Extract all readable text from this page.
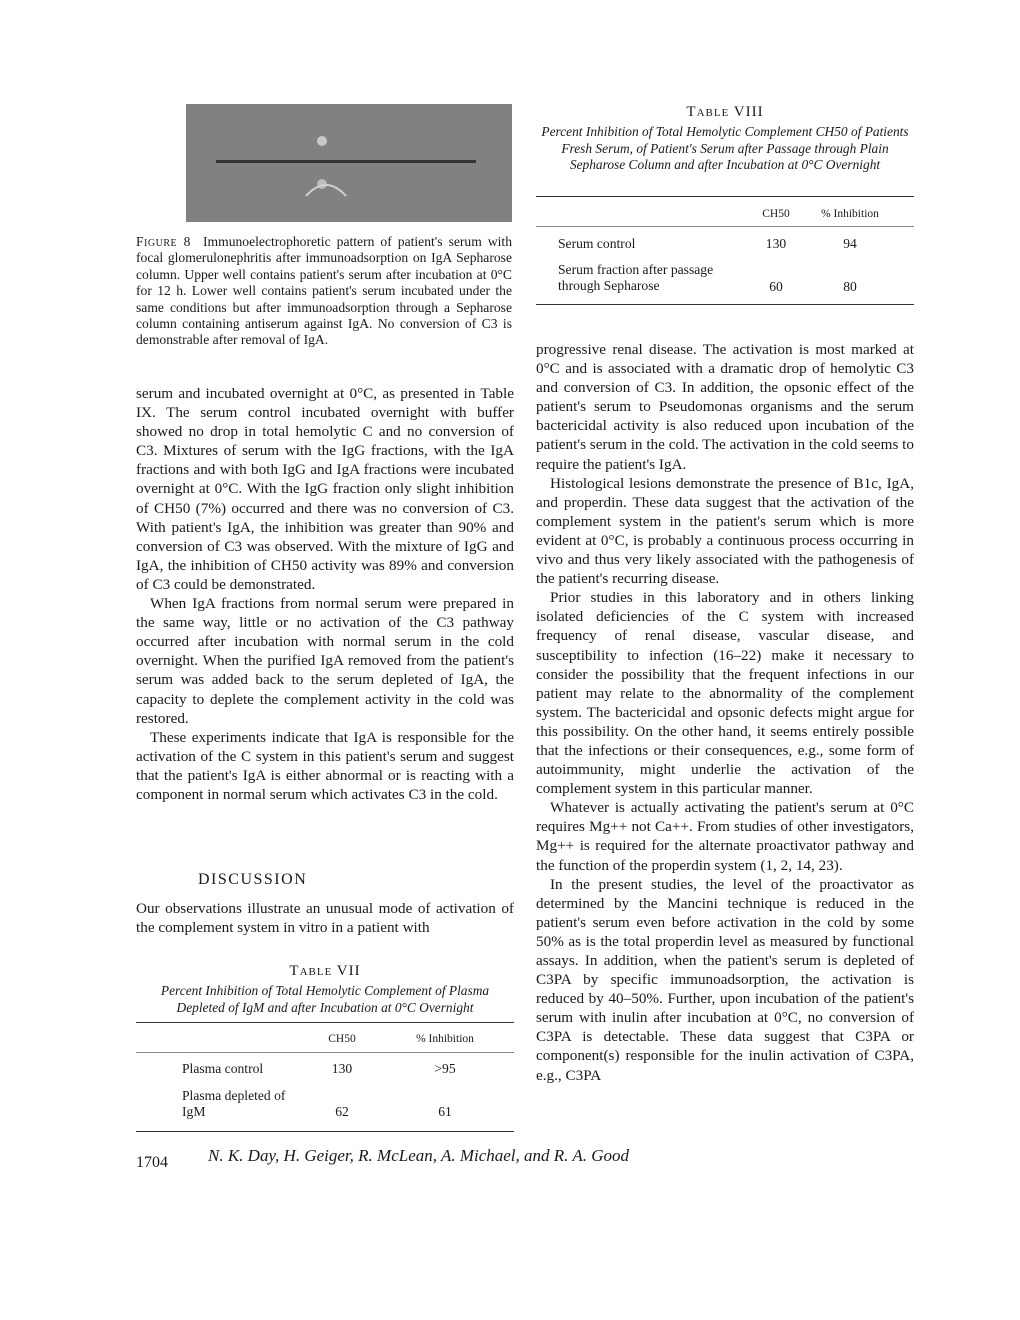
Figure 8 Immunoelectrophoretic pattern of patient's serum with focal glomerulonephritis after immunoadsorption on IgA Sepharose column. Upper well contains patient's serum after incubation at 0°C for 12 h. Lower well contains patient's serum incubated under the same conditions but after immunoadsorption through a Sepharose column containing antiserum against IgA. No conversion of C3 is demonstrable after removal of IgA.
Table VIII
Percent Inhibition of Total Hemolytic Complement CH50 of Patients Fresh Serum, of Patient's Serum after Passage through Plain Sepharose Column and after Incubation at 0°C Overnight
CH50	% Inhibition
Serum control	130	94
Serum fraction after passage through Sepharose	60	80

serum and incubated overnight at 0°C, as presented in Table IX. The serum control incubated overnight with buffer showed no drop in total hemolytic C and no conversion of C3. Mixtures of serum with the IgG fractions, with the IgA fractions and with both IgG and IgA fractions were incubated overnight at 0°C. With the IgG fraction only slight inhibition of CH50 (7%) occurred and there was no conversion of C3. With patient's IgA, the inhibition was greater than 90% and conversion of C3 was observed. With the mixture of IgG and IgA, the inhibition of CH50 activity was 89% and conversion of C3 could be demonstrated.

When IgA fractions from normal serum were prepared in the same way, little or no activation of the C3 pathway occurred after incubation with normal serum in the cold overnight. When the purified IgA removed from the patient's serum was added back to the serum depleted of IgA, the capacity to deplete the complement activity in the cold was restored.

These experiments indicate that IgA is responsible for the activation of the C system in this patient's serum and suggest that the patient's IgA is either abnormal or is reacting with a component in normal serum which activates C3 in the cold.

DISCUSSION

Our observations illustrate an unusual mode of activation of the complement system in vitro in a patient with

Table VII
Percent Inhibition of Total Hemolytic Complement of Plasma Depleted of IgM and after Incubation at 0°C Overnight
CH50	% Inhibition
Plasma control	130	>95
Plasma depleted of IgM	62	61

progressive renal disease. The activation is most marked at 0°C and is associated with a dramatic drop of hemolytic C3 and conversion of C3. In addition, the opsonic effect of the patient's serum to Pseudomonas organisms and the serum bactericidal activity is also reduced upon incubation of the patient's serum in the cold. The activation in the cold seems to require the patient's IgA.

Histological lesions demonstrate the presence of B1c, IgA, and properdin. These data suggest that the activation of the complement system in the patient's serum which is more evident at 0°C, is probably a continuous process occurring in vivo and thus very likely associated with the pathogenesis of the patient's recurring disease.

Prior studies in this laboratory and in others linking isolated deficiencies of the C system with increased frequency of renal disease, vascular disease, and susceptibility to infection (16–22) make it necessary to consider the possibility that the frequent infections in our patient may relate to the abnormality of the complement system. The bactericidal and opsonic defects might argue for this possibility. On the other hand, it seems entirely possible that the infections or their consequences, e.g., some form of autoimmunity, might underlie the activation of the complement system in this particular manner.

Whatever is actually activating the patient's serum at 0°C requires Mg++ not Ca++. From studies of other investigators, Mg++ is required for the alternate proactivator pathway and the function of the properdin system (1, 2, 14, 23).

In the present studies, the level of the proactivator as determined by the Mancini technique is reduced in the patient's serum even before activation in the cold by some 50% as is the total properdin level as measured by functional assays. In addition, when the patient's serum is depleted of C3PA by specific immunoadsorption, the activation is reduced by 40–50%. Further, upon incubation of the patient's serum with inulin after incubation at 0°C, no conversion of C3PA is detectable. These data suggest that C3PA or component(s) responsible for the inulin activation of C3PA, e.g., C3PA

1704 N. K. Day, H. Geiger, R. McLean, A. Michael, and R. A. Good
